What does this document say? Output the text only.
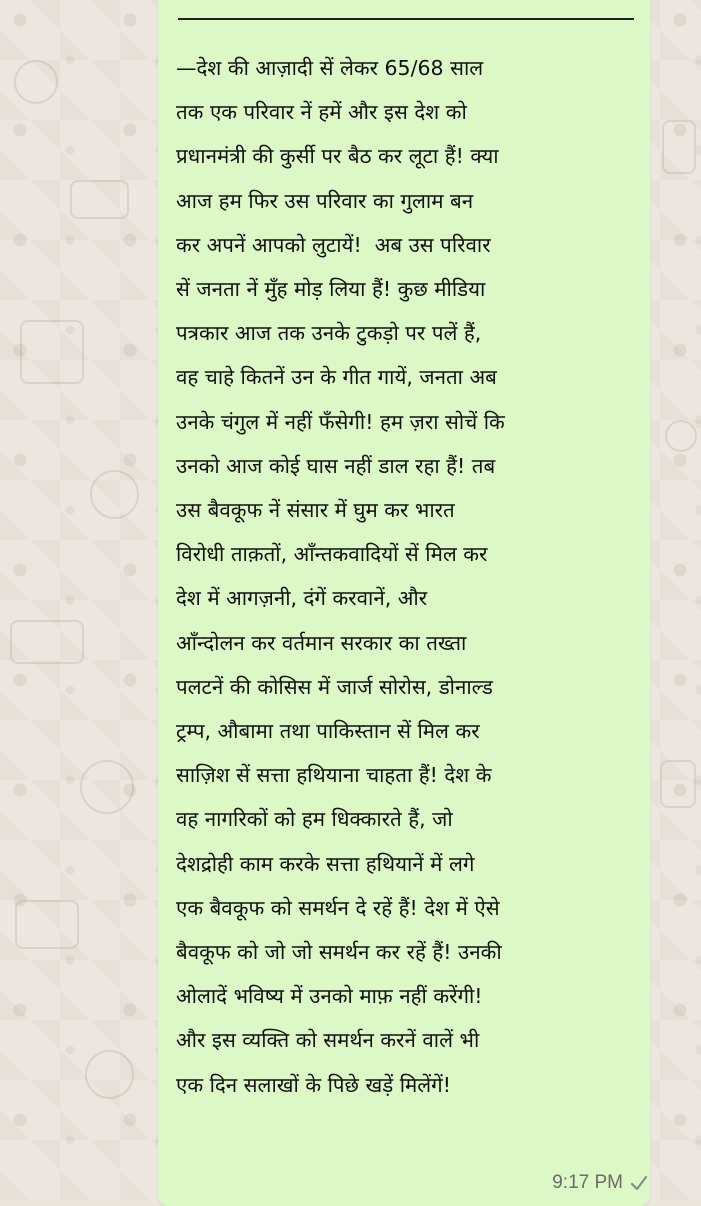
—देश की आज़ादी सें लेकर 65/68 साल
तक एक परिवार नें हमें और इस देश को
प्रधानमंत्री की कुर्सी पर बैठ कर लूटा हैं! क्या
आज हम फिर उस परिवार का गुलाम बन
कर अपनें आपको लुटायें!  अब उस परिवार
सें जनता नें मुँह मोड़ लिया हैं! कुछ मीडिया
पत्रकार आज तक उनके टुकड़ो पर पलें हैं,
वह चाहे कितनें उन के गीत गायें, जनता अब
उनके चंगुल में नहीं फँसेगी! हम ज़रा सोचें कि
उनको आज कोई घास नहीं डाल रहा हैं! तब
उस बैवकूफ नें संसार में घुम कर भारत
विरोधी ताक़तों, आँन्तकवादियों सें मिल कर
देश में आगज़नी, दंगें करवानें, और
आँन्दोलन कर वर्तमान सरकार का तख्ता
पलटनें की कोसिस में जार्ज सोरोस, डोनाल्ड
ट्रम्प, औबामा तथा पाकिस्तान सें मिल कर
साज़िश सें सत्ता हथियाना चाहता हैं! देश के
वह नागरिकों को हम धिक्कारते हैं, जो
देशद्रोही काम करके सत्ता हथियानें में लगे
एक बैवकूफ को समर्थन दे रहें हैं! देश में ऐसे
बैवकूफ को जो जो समर्थन कर रहें हैं! उनकी
ओलादें भविष्य में उनको माफ़ नहीं करेंगी!
और इस व्यक्ति को समर्थन करनें वालें भी
एक दिन सलाखों के पिछे खड़ें मिलेंगें!

9:17 PM
